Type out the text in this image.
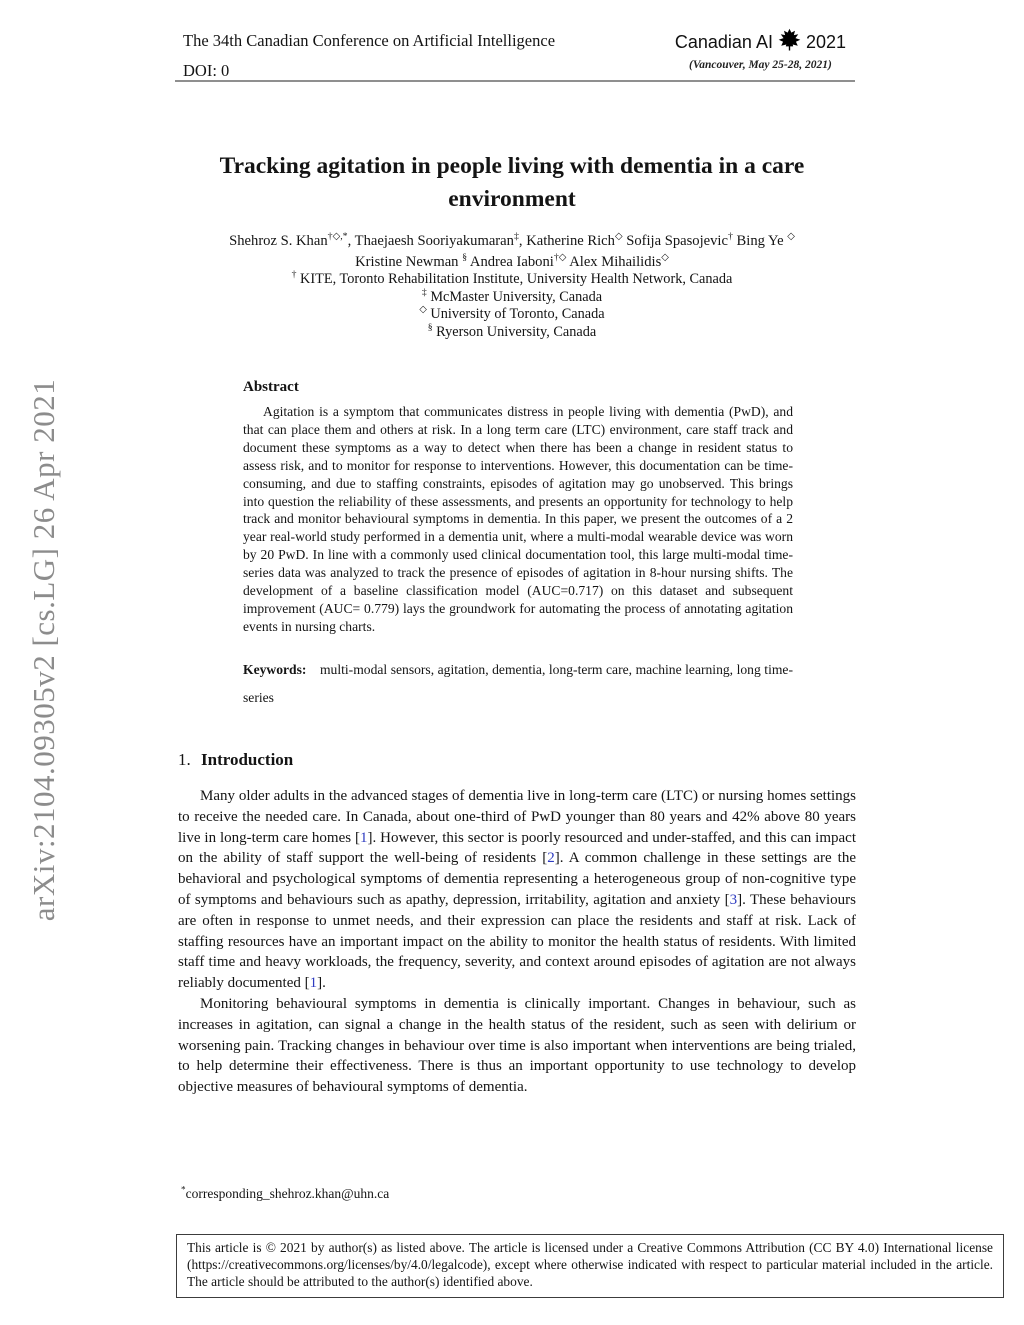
arXiv:2104.09305v2 [cs.LG] 26 Apr 2021
The 34th Canadian Conference on Artificial Intelligence
DOI: 0
Canadian AI 2021
(Vancouver, May 25-28, 2021)
Tracking agitation in people living with dementia in a care
environment
Shehroz S. Khan†◇,*, Thaejaesh Sooriyakumaran‡, Katherine Rich◇ Sofija Spasojevic† Bing Ye ◇
Kristine Newman § Andrea Iaboni†◇ Alex Mihailidis◇
† KITE, Toronto Rehabilitation Institute, University Health Network, Canada
‡ McMaster University, Canada
◇ University of Toronto, Canada
§ Ryerson University, Canada
Abstract

Agitation is a symptom that communicates distress in people living with dementia (PwD), and that can place them and others at risk. In a long term care (LTC) environment, care staff track and document these symptoms as a way to detect when there has been a change in resident status to assess risk, and to monitor for response to interventions. However, this documentation can be time-consuming, and due to staffing constraints, episodes of agitation may go unobserved. This brings into question the reliability of these assessments, and presents an opportunity for technology to help track and monitor behavioural symptoms in dementia. In this paper, we present the outcomes of a 2 year real-world study performed in a dementia unit, where a multi-modal wearable device was worn by 20 PwD. In line with a commonly used clinical documentation tool, this large multi-modal time-series data was analyzed to track the presence of episodes of agitation in 8-hour nursing shifts. The development of a baseline classification model (AUC=0.717) on this dataset and subsequent improvement (AUC= 0.779) lays the groundwork for automating the process of annotating agitation events in nursing charts.

Keywords: multi-modal sensors, agitation, dementia, long-term care, machine learning, long time-series
1. Introduction

Many older adults in the advanced stages of dementia live in long-term care (LTC) or nursing homes settings to receive the needed care. In Canada, about one-third of PwD younger than 80 years and 42% above 80 years live in long-term care homes [1]. However, this sector is poorly resourced and under-staffed, and this can impact on the ability of staff support the well-being of residents [2]. A common challenge in these settings are the behavioral and psychological symptoms of dementia representing a heterogeneous group of non-cognitive type of symptoms and behaviours such as apathy, depression, irritability, agitation and anxiety [3]. These behaviours are often in response to unmet needs, and their expression can place the residents and staff at risk. Lack of staffing resources have an important impact on the ability to monitor the health status of residents. With limited staff time and heavy workloads, the frequency, severity, and context around episodes of agitation are not always reliably documented [1].

Monitoring behavioural symptoms in dementia is clinically important. Changes in behaviour, such as increases in agitation, can signal a change in the health status of the resident, such as seen with delirium or worsening pain. Tracking changes in behaviour over time is also important when interventions are being trialed, to help determine their effectiveness. There is thus an important opportunity to use technology to develop objective measures of behavioural symptoms of dementia.

*corresponding_shehroz.khan@uhn.ca

This article is © 2021 by author(s) as listed above. The article is licensed under a Creative Commons Attribution (CC BY 4.0) International license (https://creativecommons.org/licenses/by/4.0/legalcode), except where otherwise indicated with respect to particular material included in the article. The article should be attributed to the author(s) identified above.
